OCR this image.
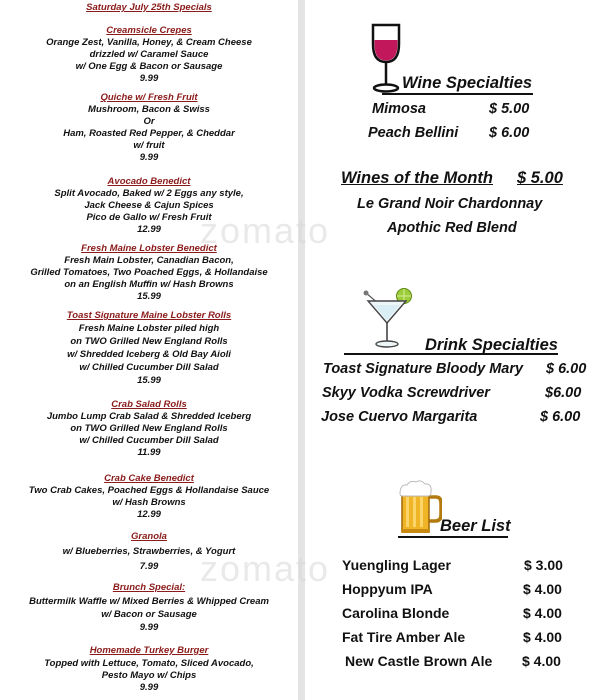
Saturday July 25th Specials
Creamsicle Crepes
Orange Zest, Vanilla, Honey, & Cream Cheese
drizzled w/ Caramel Sauce
w/ One Egg & Bacon or Sausage
9.99
Quiche w/ Fresh Fruit
Mushroom, Bacon & Swiss
Or
Ham, Roasted Red Pepper, & Cheddar
w/ fruit
9.99
Avocado Benedict
Split Avocado, Baked w/ 2 Eggs any style,
Jack Cheese & Cajun Spices
Pico de Gallo w/ Fresh Fruit
12.99
Fresh Maine Lobster Benedict
Fresh Main Lobster, Canadian Bacon,
Grilled Tomatoes, Two Poached Eggs, & Hollandaise
on an English Muffin w/ Hash Browns
15.99
Toast Signature Maine Lobster Rolls
Fresh Maine Lobster piled high
on TWO Grilled New England Rolls
w/ Shredded Iceberg & Old Bay Aioli
w/ Chilled Cucumber Dill Salad
15.99
Crab Salad Rolls
Jumbo Lump Crab Salad & Shredded Iceberg
on TWO Grilled New England Rolls
w/ Chilled Cucumber Dill Salad
11.99
Crab Cake Benedict
Two Crab Cakes, Poached Eggs & Hollandaise Sauce
w/ Hash Browns
12.99
Granola
w/ Blueberries, Strawberries, & Yogurt
7.99
Brunch Special:
Buttermilk Waffle w/ Mixed Berries & Whipped Cream
w/ Bacon or Sausage
9.99
Homemade Turkey Burger
Topped with Lettuce, Tomato, Sliced Avocado,
Pesto Mayo w/ Chips
9.99
Wine Specialties
Mimosa	$ 5.00
Peach Bellini $ 6.00
Wines of the Month $ 5.00
Le Grand Noir Chardonnay
Apothic Red Blend
Drink Specialties
Toast Signature Bloody Mary $ 6.00
Skyy Vodka Screwdriver	$6.00
Jose Cuervo Margarita	$ 6.00
Beer List
Yuengling Lager	$ 3.00
Hoppyum IPA	$ 4.00
Carolina Blonde	$ 4.00
Fat Tire Amber Ale	$ 4.00
New Castle Brown Ale $ 4.00
zomato
zomato
